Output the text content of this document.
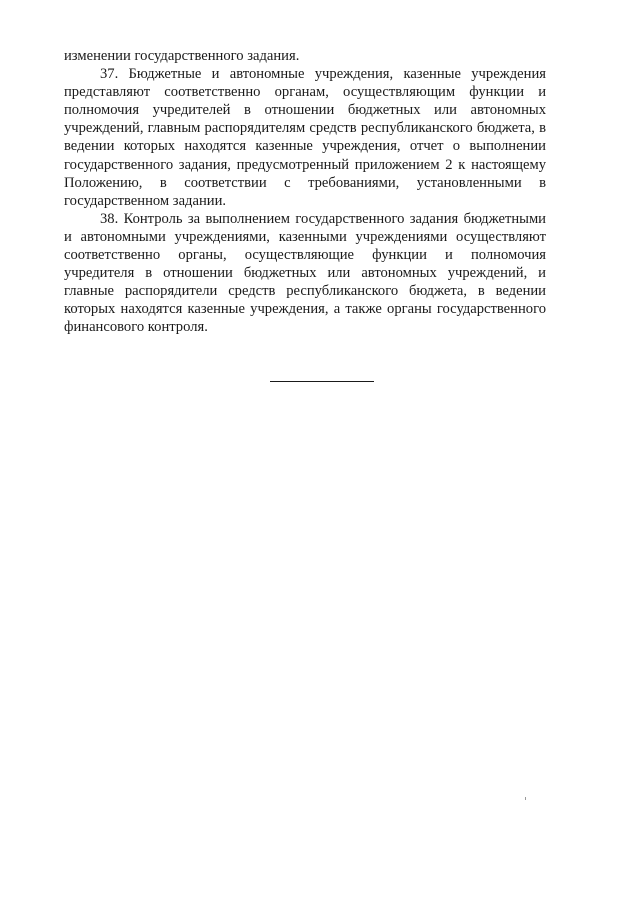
изменении государственного задания.

37. Бюджетные и автономные учреждения, казенные учреждения представляют соответственно органам, осуществляющим функции и полномочия учредителей в отношении бюджетных или автономных учреждений, главным распорядителям средств республиканского бюджета, в ведении которых находятся казенные учреждения, отчет о выполнении государственного задания, предусмотренный приложением 2 к настоящему Положению, в соответствии с требованиями, установленными в государственном задании.

38. Контроль за выполнением государственного задания бюджетными и автономными учреждениями, казенными учреждениями осуществляют соответственно органы, осуществляющие функции и полномочия учредителя в отношении бюджетных или автономных учреждений, и главные распорядители средств республиканского бюджета, в ведении которых находятся казенные учреждения, а также органы государственного финансового контроля.
